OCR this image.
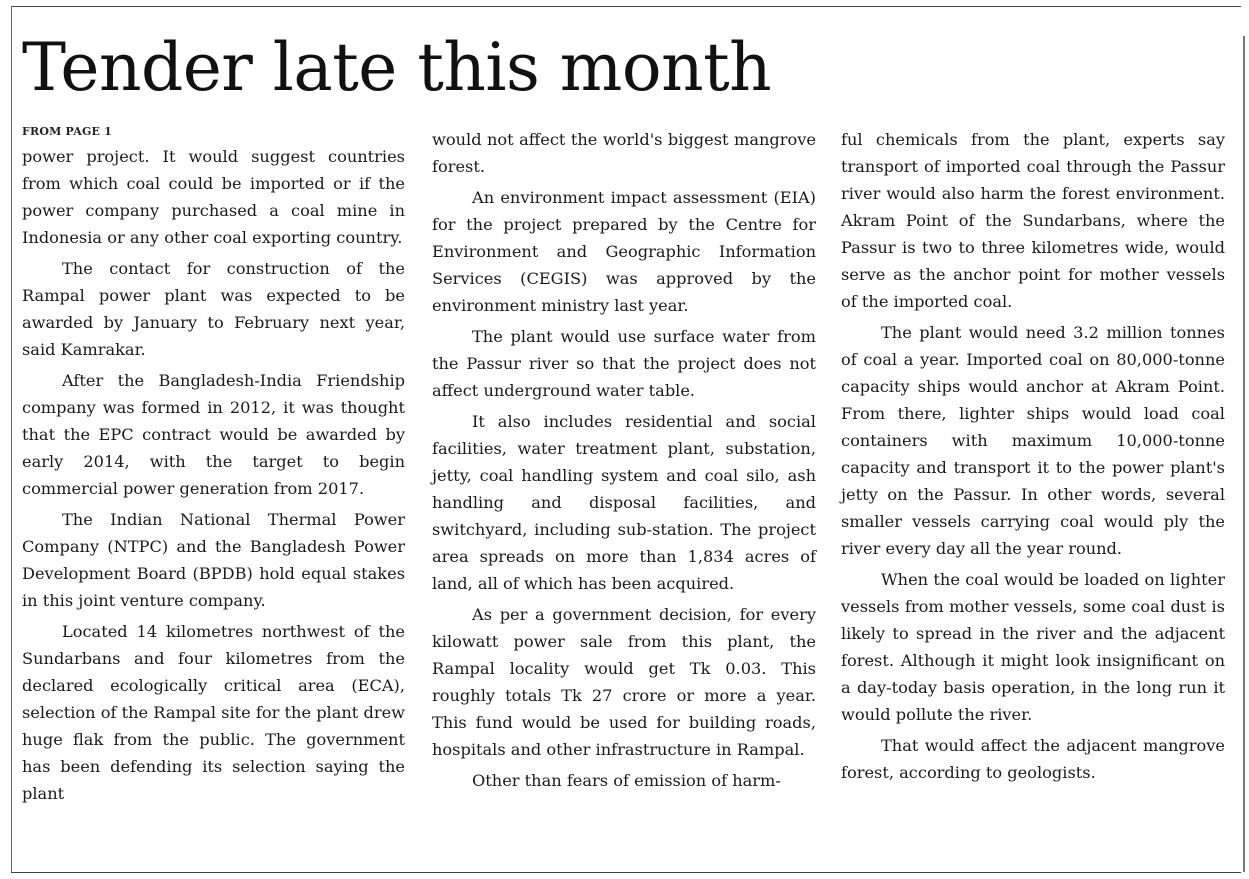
Tender late this month
FROM PAGE 1

power project. It would suggest countries from which coal could be imported or if the power company purchased a coal mine in Indonesia or any other coal exporting country.

The contact for construction of the Rampal power plant was expected to be awarded by January to February next year, said Kamrakar.

After the Bangladesh-India Friendship company was formed in 2012, it was thought that the EPC contract would be awarded by early 2014, with the target to begin commercial power generation from 2017.

The Indian National Thermal Power Company (NTPC) and the Bangladesh Power Development Board (BPDB) hold equal stakes in this joint venture company.

Located 14 kilometres northwest of the Sundarbans and four kilometres from the declared ecologically critical area (ECA), selection of the Rampal site for the plant drew huge flak from the public. The government has been defending its selection saying the plant

would not affect the world's biggest mangrove forest.

An environment impact assessment (EIA) for the project prepared by the Centre for Environment and Geographic Information Services (CEGIS) was approved by the environment ministry last year.

The plant would use surface water from the Passur river so that the project does not affect underground water table.

It also includes residential and social facilities, water treatment plant, substation, jetty, coal handling system and coal silo, ash handling and disposal facilities, and switchyard, including sub-station. The project area spreads on more than 1,834 acres of land, all of which has been acquired.

As per a government decision, for every kilowatt power sale from this plant, the Rampal locality would get Tk 0.03. This roughly totals Tk 27 crore or more a year. This fund would be used for building roads, hospitals and other infrastructure in Rampal.

Other than fears of emission of harm-

ful chemicals from the plant, experts say transport of imported coal through the Passur river would also harm the forest environment. Akram Point of the Sundarbans, where the Passur is two to three kilometres wide, would serve as the anchor point for mother vessels of the imported coal.

The plant would need 3.2 million tonnes of coal a year. Imported coal on 80,000-tonne capacity ships would anchor at Akram Point. From there, lighter ships would load coal containers with maximum 10,000-tonne capacity and transport it to the power plant's jetty on the Passur. In other words, several smaller vessels carrying coal would ply the river every day all the year round.

When the coal would be loaded on lighter vessels from mother vessels, some coal dust is likely to spread in the river and the adjacent forest. Although it might look insignificant on a day-today basis operation, in the long run it would pollute the river.

That would affect the adjacent mangrove forest, according to geologists.
